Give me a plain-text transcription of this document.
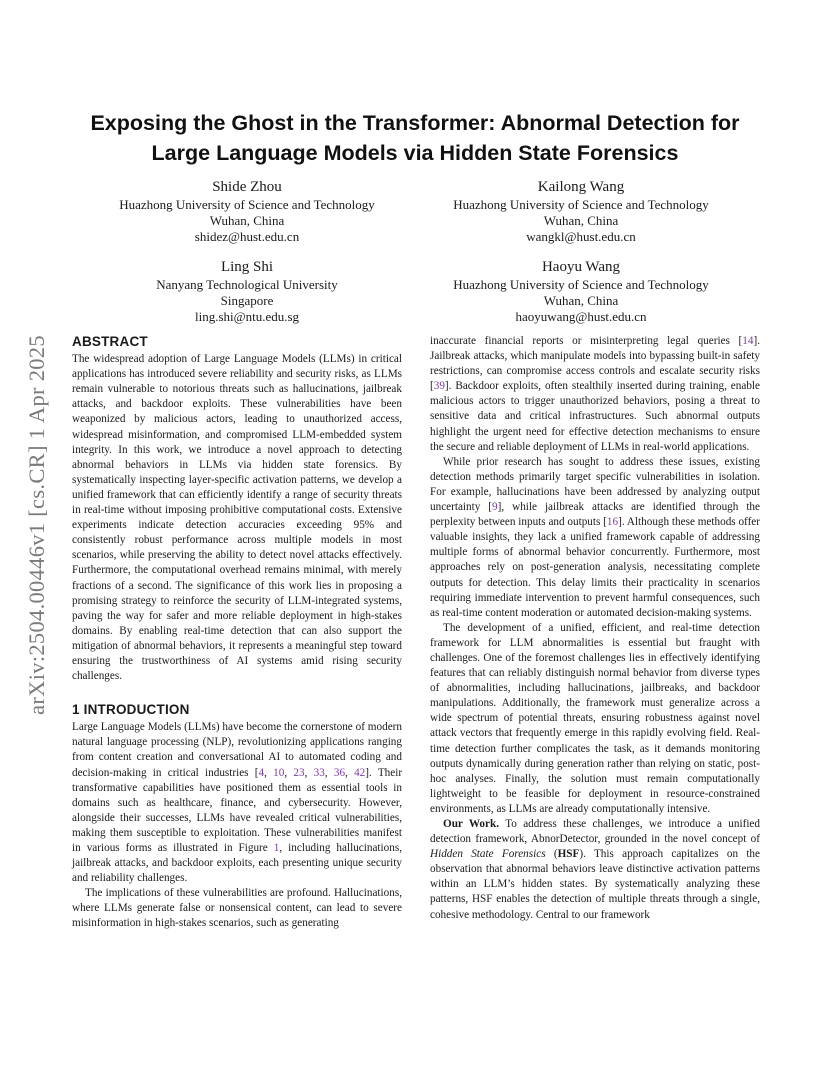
arXiv:2504.00446v1 [cs.CR] 1 Apr 2025
Exposing the Ghost in the Transformer: Abnormal Detection for
Large Language Models via Hidden State Forensics
Shide Zhou
Huazhong University of Science and Technology
Wuhan, China
shidez@hust.edu.cn
Kailong Wang
Huazhong University of Science and Technology
Wuhan, China
wangkl@hust.edu.cn
Ling Shi
Nanyang Technological University
Singapore
ling.shi@ntu.edu.sg
Haoyu Wang
Huazhong University of Science and Technology
Wuhan, China
haoyuwang@hust.edu.cn
ABSTRACT

The widespread adoption of Large Language Models (LLMs) in critical applications has introduced severe reliability and security risks, as LLMs remain vulnerable to notorious threats such as hallucinations, jailbreak attacks, and backdoor exploits. These vulnerabilities have been weaponized by malicious actors, leading to unauthorized access, widespread misinformation, and compromised LLM-embedded system integrity. In this work, we introduce a novel approach to detecting abnormal behaviors in LLMs via hidden state forensics. By systematically inspecting layer-specific activation patterns, we develop a unified framework that can efficiently identify a range of security threats in real-time without imposing prohibitive computational costs. Extensive experiments indicate detection accuracies exceeding 95% and consistently robust performance across multiple models in most scenarios, while preserving the ability to detect novel attacks effectively. Furthermore, the computational overhead remains minimal, with merely fractions of a second. The significance of this work lies in proposing a promising strategy to reinforce the security of LLM-integrated systems, paving the way for safer and more reliable deployment in high-stakes domains. By enabling real-time detection that can also support the mitigation of abnormal behaviors, it represents a meaningful step toward ensuring the trustworthiness of AI systems amid rising security challenges.

1 INTRODUCTION

Large Language Models (LLMs) have become the cornerstone of modern natural language processing (NLP), revolutionizing applications ranging from content creation and conversational AI to automated coding and decision-making in critical industries [4, 10, 23, 33, 36, 42]. Their transformative capabilities have positioned them as essential tools in domains such as healthcare, finance, and cybersecurity. However, alongside their successes, LLMs have revealed critical vulnerabilities, making them susceptible to exploitation. These vulnerabilities manifest in various forms as illustrated in Figure 1, including hallucinations, jailbreak attacks, and backdoor exploits, each presenting unique security and reliability challenges.

The implications of these vulnerabilities are profound. Hallucinations, where LLMs generate false or nonsensical content, can lead to severe misinformation in high-stakes scenarios, such as generating

inaccurate financial reports or misinterpreting legal queries [14]. Jailbreak attacks, which manipulate models into bypassing built-in safety restrictions, can compromise access controls and escalate security risks [39]. Backdoor exploits, often stealthily inserted during training, enable malicious actors to trigger unauthorized behaviors, posing a threat to sensitive data and critical infrastructures. Such abnormal outputs highlight the urgent need for effective detection mechanisms to ensure the secure and reliable deployment of LLMs in real-world applications.

While prior research has sought to address these issues, existing detection methods primarily target specific vulnerabilities in isolation. For example, hallucinations have been addressed by analyzing output uncertainty [9], while jailbreak attacks are identified through the perplexity between inputs and outputs [16]. Although these methods offer valuable insights, they lack a unified framework capable of addressing multiple forms of abnormal behavior concurrently. Furthermore, most approaches rely on post-generation analysis, necessitating complete outputs for detection. This delay limits their practicality in scenarios requiring immediate intervention to prevent harmful consequences, such as real-time content moderation or automated decision-making systems.

The development of a unified, efficient, and real-time detection framework for LLM abnormalities is essential but fraught with challenges. One of the foremost challenges lies in effectively identifying features that can reliably distinguish normal behavior from diverse types of abnormalities, including hallucinations, jailbreaks, and backdoor manipulations. Additionally, the framework must generalize across a wide spectrum of potential threats, ensuring robustness against novel attack vectors that frequently emerge in this rapidly evolving field. Real-time detection further complicates the task, as it demands monitoring outputs dynamically during generation rather than relying on static, post-hoc analyses. Finally, the solution must remain computationally lightweight to be feasible for deployment in resource-constrained environments, as LLMs are already computationally intensive.

Our Work. To address these challenges, we introduce a unified detection framework, AbnorDetector, grounded in the novel concept of Hidden State Forensics (HSF). This approach capitalizes on the observation that abnormal behaviors leave distinctive activation patterns within an LLM’s hidden states. By systematically analyzing these patterns, HSF enables the detection of multiple threats through a single, cohesive methodology. Central to our framework
